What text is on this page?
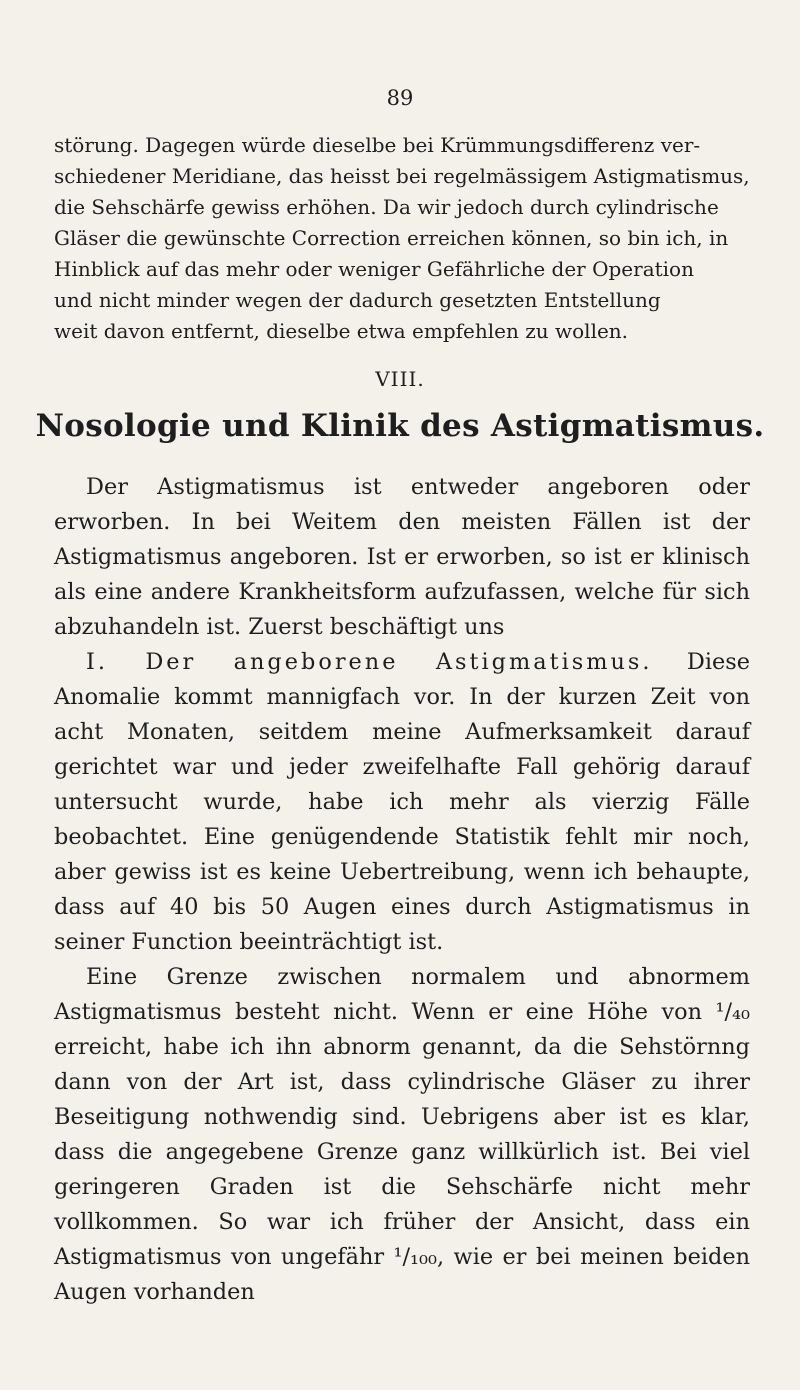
89

störung. Dagegen würde dieselbe bei Krümmungsdifferenz ver-

schiedener Meridiane, das heisst bei regelmässigem Astigmatismus,

die Sehschärfe gewiss erhöhen. Da wir jedoch durch cylindrische

Gläser die gewünschte Correction erreichen können, so bin ich, in

Hinblick auf das mehr oder weniger Gefährliche der Operation

und nicht minder wegen der dadurch gesetzten Entstellung

weit davon entfernt, dieselbe etwa empfehlen zu wollen.

VIII.
Nosologie und Klinik des Astigmatismus.

Der Astigmatismus ist entweder angeboren oder erworben. In bei Weitem den meisten Fällen ist der Astigmatismus angeboren. Ist er erworben, so ist er klinisch als eine andere Krankheitsform aufzufassen, welche für sich abzuhandeln ist. Zuerst beschäftigt uns

I. Der angeborene Astigmatismus. Diese Anomalie kommt mannigfach vor. In der kurzen Zeit von acht Monaten, seitdem meine Aufmerksamkeit darauf gerichtet war und jeder zweifelhafte Fall gehörig darauf untersucht wurde, habe ich mehr als vierzig Fälle beobachtet. Eine genügendende Statistik fehlt mir noch, aber gewiss ist es keine Uebertreibung, wenn ich behaupte, dass auf 40 bis 50 Augen eines durch Astigmatismus in seiner Function beeinträchtigt ist.

Eine Grenze zwischen normalem und abnormem Astigmatismus besteht nicht. Wenn er eine Höhe von ¹/₄₀ erreicht, habe ich ihn abnorm genannt, da die Sehstörnng dann von der Art ist, dass cylindrische Gläser zu ihrer Beseitigung nothwendig sind. Uebrigens aber ist es klar, dass die angegebene Grenze ganz willkürlich ist. Bei viel geringeren Graden ist die Sehschärfe nicht mehr vollkommen. So war ich früher der Ansicht, dass ein Astigmatismus von ungefähr ¹/₁₀₀, wie er bei meinen beiden Augen vorhanden
